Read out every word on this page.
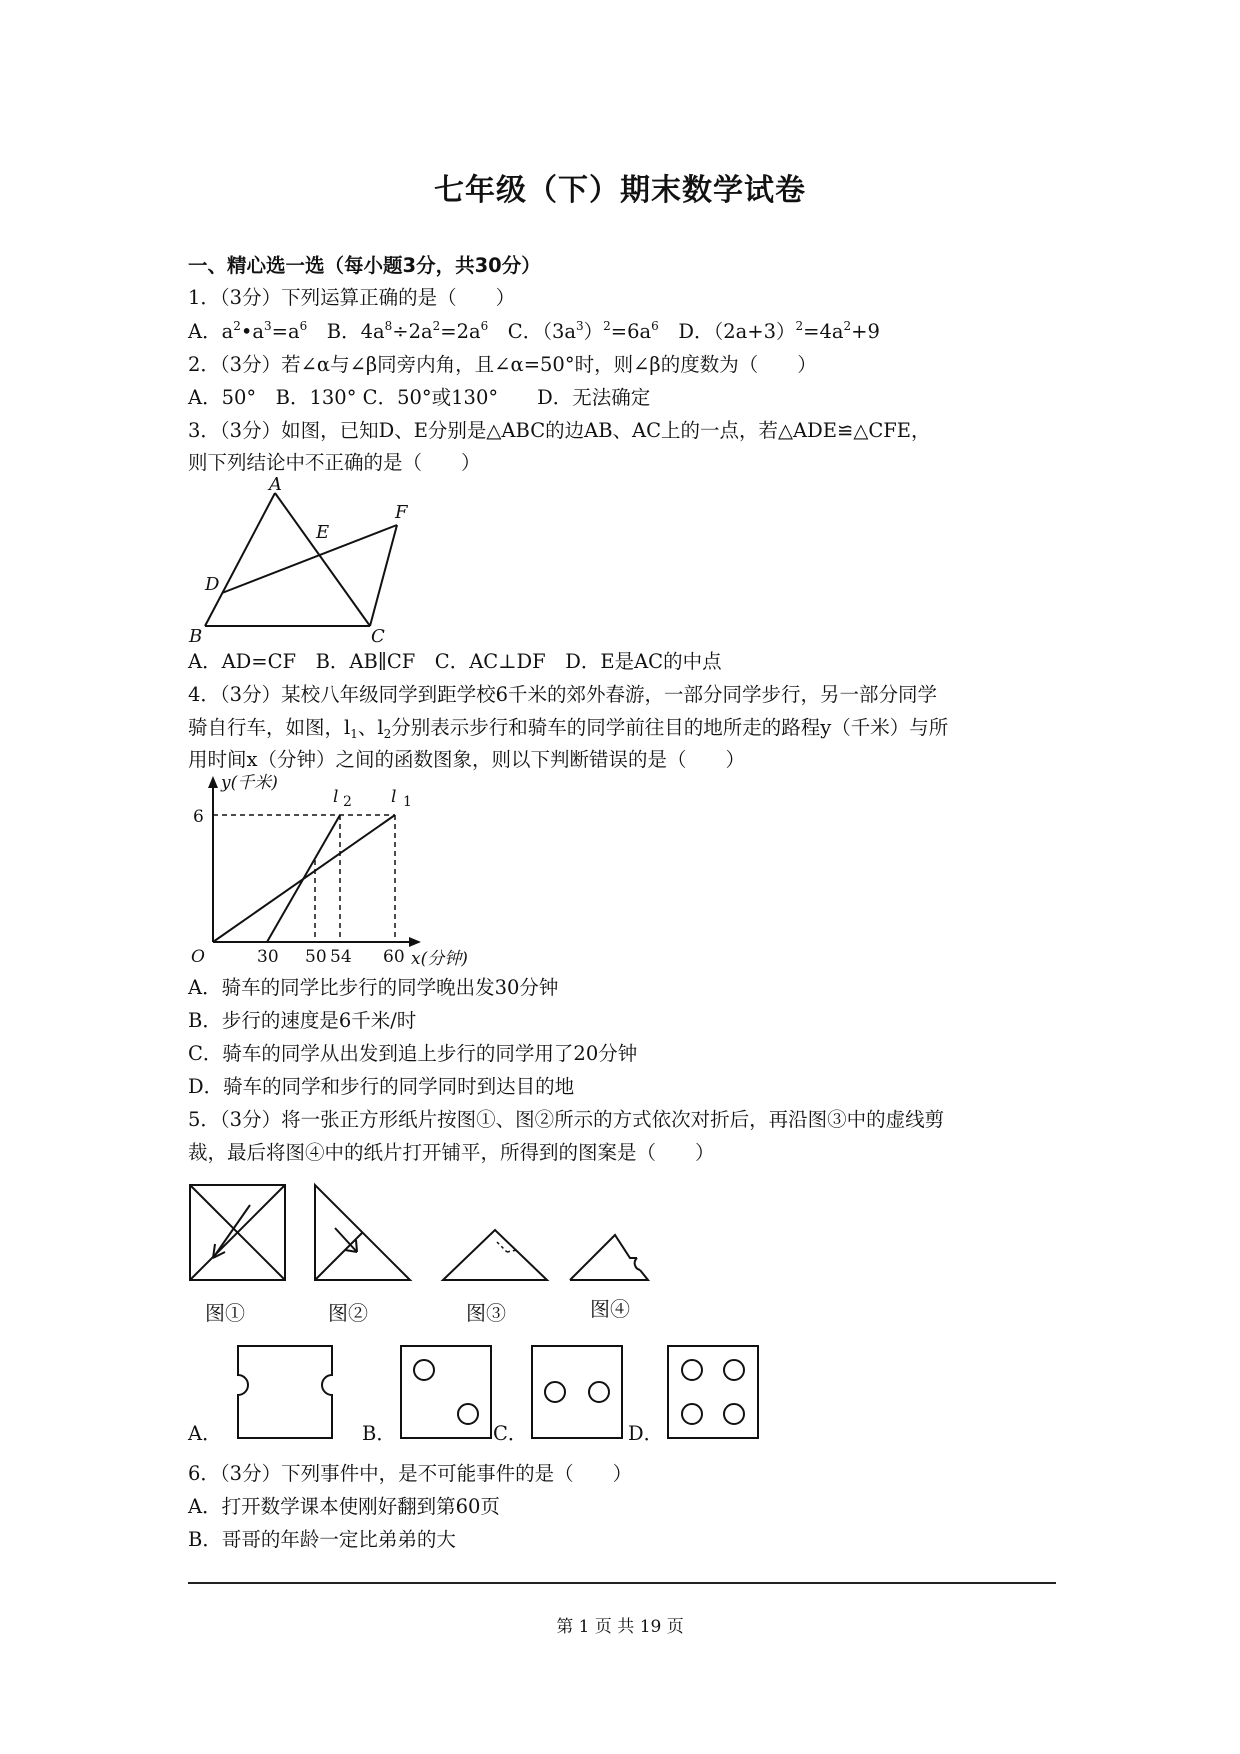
七年级（下）期末数学试卷
一、精心选一选（每小题3分，共30分）
1．（3分）下列运算正确的是（　　）
A．$a^2•a^3=a^6$　B．$4a^8\div 2a^2=2a^6$　C．$(3a^3)^2=6a^6$　D．$(2a+3)^2=4a^2+9$
2．（3分）若∠α与∠β同旁内角，且∠α=50°时，则∠β的度数为（　　）
A．50°　B．130° C．50°或130°　　D．无法确定
3．（3分）如图，已知D、E分别是△ABC的边AB、AC上的一点，若△ADE≌△CFE，
则下列结论中不正确的是（　　）
A
B	C
D
E
F
A．AD=CF　B．AB∥CF　C．AC⊥DF　D．E是AC的中点
4．（3分）某校八年级同学到距学校6千米的郊外春游，一部分同学步行，另一部分同学
骑自行车，如图，$l_1$、$l_2$分别表示步行和骑车的同学前往目的地所走的路程y（千米）与所
用时间x（分钟）之间的函数图象，则以下判断错误的是（　　）
y(千米)
6
O	30 50 54 60 x(分钟)
l 2 l 1
A．骑车的同学比步行的同学晚出发30分钟
B．步行的速度是6千米/时
C．骑车的同学从出发到追上步行的同学用了20分钟
D．骑车的同学和步行的同学同时到达目的地
5．（3分）将一张正方形纸片按图①、图②所示的方式依次对折后，再沿图③中的虚线剪
裁，最后将图④中的纸片打开铺平，所得到的图案是（　　）
图①	图②	图③	图④
A．	B．	C．	D．
6．（3分）下列事件中，是不可能事件的是（　　）
A．打开数学课本使刚好翻到第60页
B．哥哥的年龄一定比弟弟的大
第 1 页 共 19 页
